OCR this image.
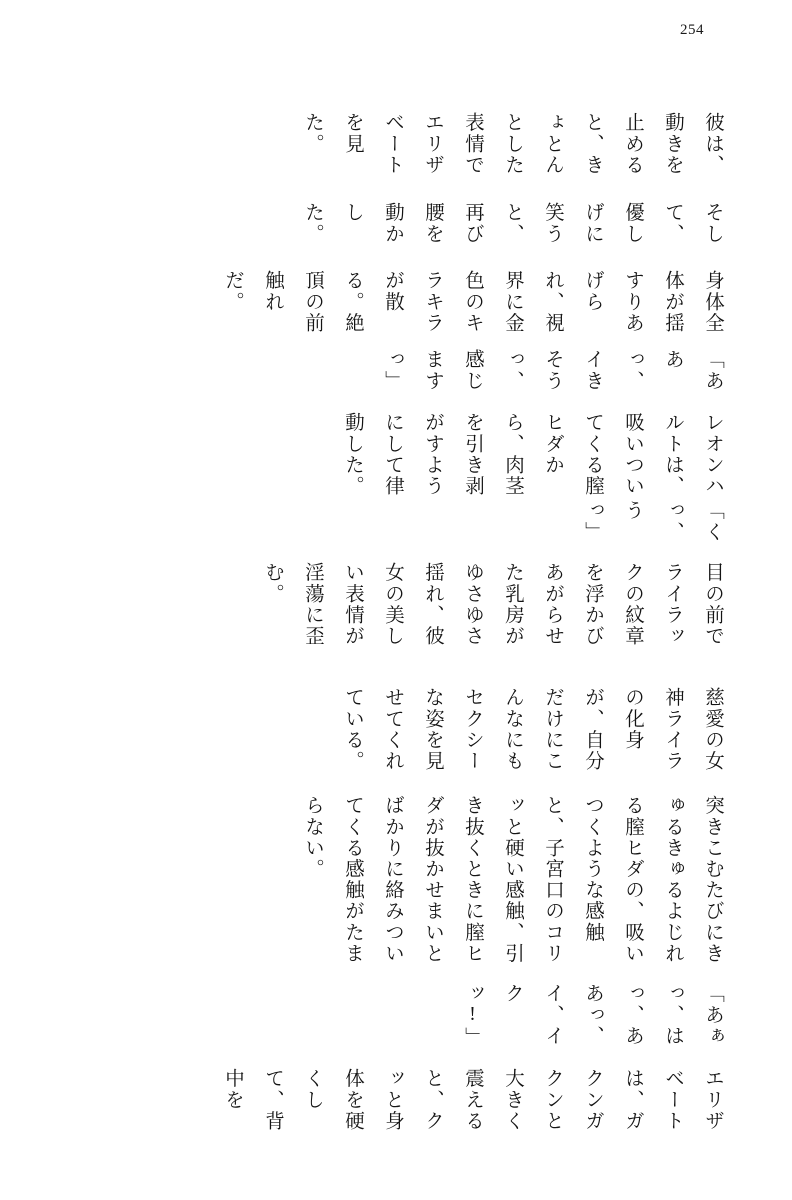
254

彼は、動きを止めると、きょとんとした表情でエリザベートを見た。

そして、優しげに笑うと、再び腰を動かした。

身体全体が揺すりあげられ、視界に金色のキラキラが散る。絶頂の前触れだ。

「ああっ、イきそうっ、感じますっ」

レオンハルトは、吸いついてくる膣ヒダから、肉茎を引き剥がすようにして律動した。

「くっ、うっ」

目の前でライラックの紋章を浮かびあがらせた乳房がゆさゆさ揺れ、彼女の美しい表情が淫蕩に歪む。

慈愛の女神ライラの化身が、自分だけにこんなにもセクシーな姿を見せてくれている。

突きこむたびにきゅるきゅるよじれる膣ヒダの、吸いつくような感触と、子宮口のコリッと硬い感触、引き抜くときに膣ヒダが抜かせまいとばかりに絡みついてくる感触がたまらない。

「あぁっ、はっ、ああっ、イ、イクッ!」

エリザベートは、ガクンガクンと大きく震えると、クッと身体を硬くして、背中を
